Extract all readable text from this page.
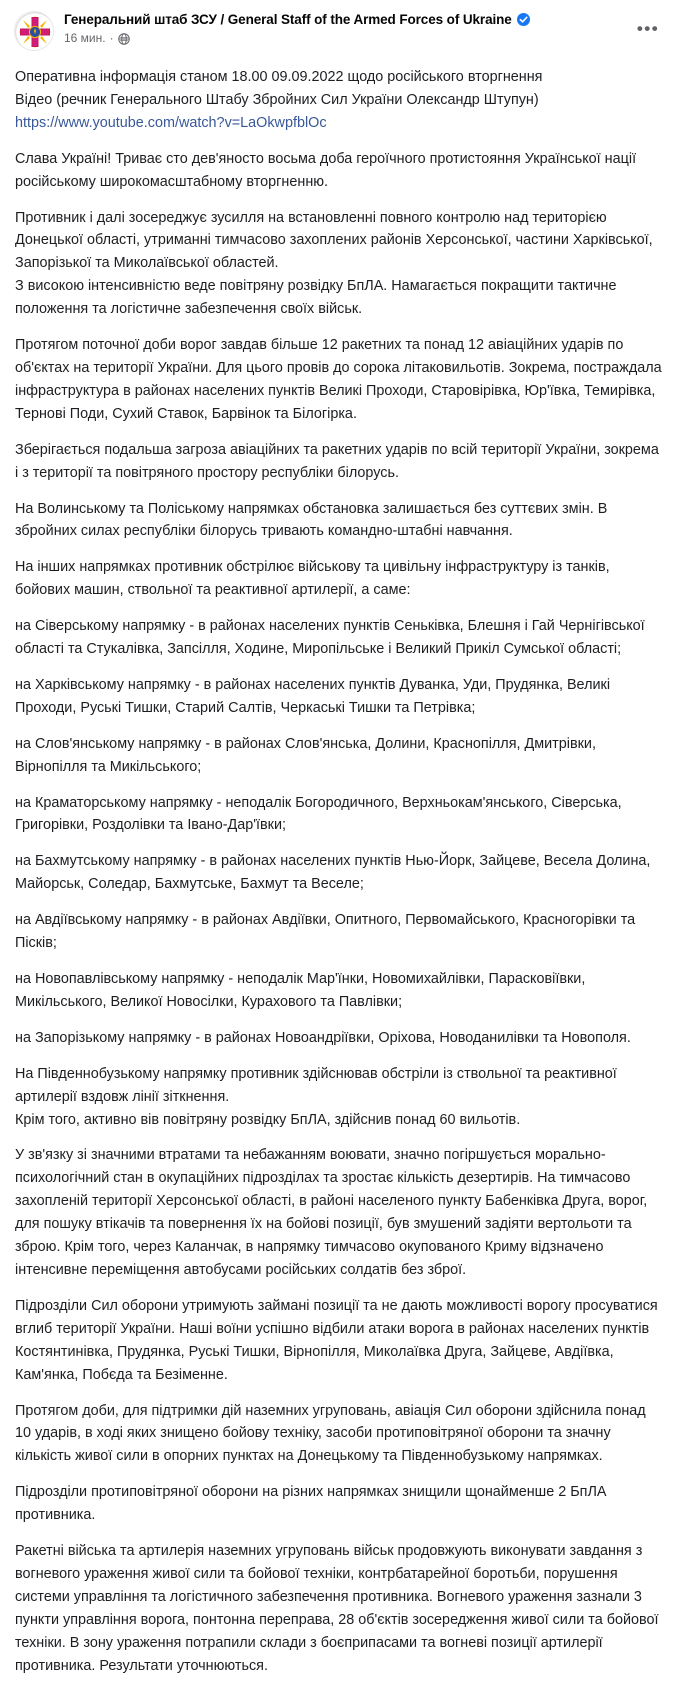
Генеральний штаб ЗСУ / General Staff of the Armed Forces of Ukraine
16 мин. ·	•••
Оперативна інформація станом 18.00 09.09.2022 щодо російського вторгнення
Відео (речник Генерального Штабу Збройних Сил України Олександр Штупун)
https://www.youtube.com/watch?v=LaOkwpfblOc
Слава Україні! Триває сто дев'яносто восьма доба героїчного протистояння Української нації російському широкомасштабному вторгненню.
Противник і далі зосереджує зусилля на встановленні повного контролю над територією Донецької області, утриманні тимчасово захоплених районів Херсонської, частини Харківської, Запорізької та Миколаївської областей.
З високою інтенсивністю веде повітряну розвідку БпЛА. Намагається покращити тактичне положення та логістичне забезпечення своїх військ.
Протягом поточної доби ворог завдав більше 12 ракетних та понад 12 авіаційних ударів по об'єктах на території України. Для цього провів до сорока літаковильотів. Зокрема, постраждала інфраструктура в районах населених пунктів Великі Проходи, Старовірівка, Юр'ївка, Темирівка, Тернові Поди, Сухий Ставок, Барвінок та Білогірка.
Зберігається подальша загроза авіаційних та ракетних ударів по всій території України, зокрема і з території та повітряного простору республіки білорусь.
На Волинському та Поліському напрямках обстановка залишається без суттєвих змін. В збройних силах республіки білорусь тривають командно-штабні навчання.
На інших напрямках противник обстрілює військову та цивільну інфраструктуру із танків, бойових машин, ствольної та реактивної артилерії, а саме:
на Сіверському напрямку - в районах населених пунктів Сеньківка, Блешня і Гай Чернігівської області та Стукалівка, Запсілля, Ходине, Миропільське і Великий Прикіл Сумської області;
на Харківському напрямку - в районах населених пунктів Дуванка, Уди, Прудянка, Великі Проходи, Руські Тишки, Старий Салтів, Черкаські Тишки та Петрівка;
на Слов'янському напрямку - в районах Слов'янська, Долини, Краснопілля, Дмитрівки, Вірнопілля та Микільського;
на Краматорському напрямку - неподалік Богородичного, Верхньокам'янського, Сіверська, Григорівки, Роздолівки та Івано-Дар'ївки;
на Бахмутському напрямку - в районах населених пунктів Нью-Йорк, Зайцеве, Весела Долина, Майорськ, Соледар, Бахмутське, Бахмут та Веселе;
на Авдіївському напрямку - в районах Авдіївки, Опитного, Первомайського, Красногорівки та Пісків;
на Новопавлівському напрямку - неподалік Мар'їнки, Новомихайлівки, Парасковіївки, Микільського, Великої Новосілки, Курахового та Павлівки;
на Запорізькому напрямку - в районах Новоандріївки, Оріхова, Новоданилівки та Новополя.
На Південнобузькому напрямку противник здійснював обстріли із ствольної та реактивної артилерії вздовж лінії зіткнення.
Крім того, активно вів повітряну розвідку БпЛА, здійснив понад 60 вильотів.
У зв'язку зі значними втратами та небажанням воювати, значно погіршується морально-психологічний стан в окупаційних підрозділах та зростає кількість дезертирів. На тимчасово захопленій території Херсонської області, в районі населеного пункту Бабенківка Друга, ворог, для пошуку втікачів та повернення їх на бойові позиції, був змушений задіяти вертольоти та зброю. Крім того, через Каланчак, в напрямку тимчасово окупованого Криму відзначено інтенсивне переміщення автобусами російських солдатів без зброї.
Підрозділи Сил оборони утримують займані позиції та не дають можливості ворогу просуватися вглиб території України. Наші воїни успішно відбили атаки ворога в районах населених пунктів Костянтинівка, Прудянка, Руські Тишки, Вірнопілля, Миколаївка Друга, Зайцеве, Авдіївка, Кам'янка, Побєда та Безіменне.
Протягом доби, для підтримки дій наземних угруповань, авіація Сил оборони здійснила понад 10 ударів, в ході яких знищено бойову техніку, засоби протиповітряної оборони та значну кількість живої сили в опорних пунктах на Донецькому та Південнобузькому напрямках.
Підрозділи протиповітряної оборони на різних напрямках знищили щонайменше 2 БпЛА противника.
Ракетні війська та артилерія наземних угруповань військ продовжують виконувати завдання з вогневого ураження живої сили та бойової техніки, контрбатарейної боротьби, порушення системи управління та логістичного забезпечення противника. Вогневого ураження зазнали 3 пункти управління ворога, понтонна переправа, 28 об'єктів зосередження живої сили та бойової техніки. В зону ураження потрапили склади з боєприпасами та вогневі позиції артилерії противника. Результати уточнюються.
